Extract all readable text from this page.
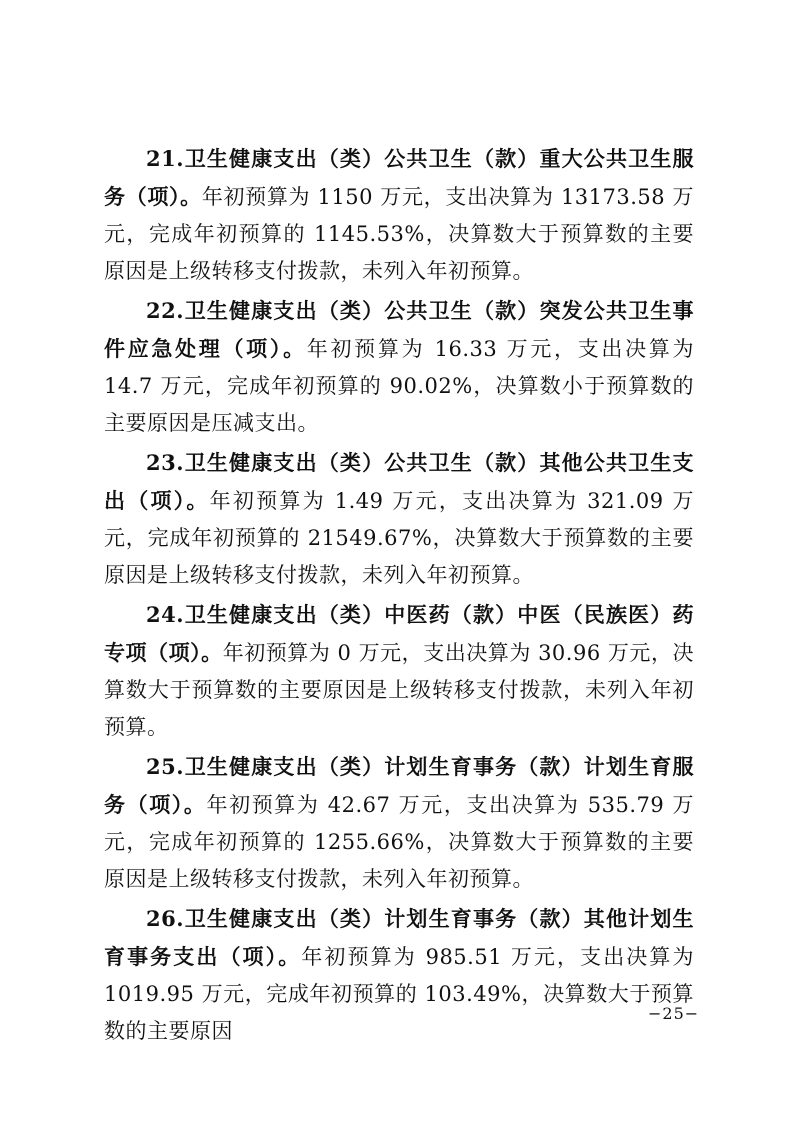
21.卫生健康支出（类）公共卫生（款）重大公共卫生服务（项）。年初预算为 1150 万元，支出决算为 13173.58 万元，完成年初预算的 1145.53%，决算数大于预算数的主要原因是上级转移支付拨款，未列入年初预算。

22.卫生健康支出（类）公共卫生（款）突发公共卫生事件应急处理（项）。年初预算为 16.33 万元，支出决算为 14.7 万元，完成年初预算的 90.02%，决算数小于预算数的主要原因是压减支出。

23.卫生健康支出（类）公共卫生（款）其他公共卫生支出（项）。年初预算为 1.49 万元，支出决算为 321.09 万元，完成年初预算的 21549.67%，决算数大于预算数的主要原因是上级转移支付拨款，未列入年初预算。

24.卫生健康支出（类）中医药（款）中医（民族医）药专项（项）。年初预算为 0 万元，支出决算为 30.96 万元，决算数大于预算数的主要原因是上级转移支付拨款，未列入年初预算。

25.卫生健康支出（类）计划生育事务（款）计划生育服务（项）。年初预算为 42.67 万元，支出决算为 535.79 万元，完成年初预算的 1255.66%，决算数大于预算数的主要原因是上级转移支付拨款，未列入年初预算。

26.卫生健康支出（类）计划生育事务（款）其他计划生育事务支出（项）。年初预算为 985.51 万元，支出决算为 1019.95 万元，完成年初预算的 103.49%，决算数大于预算数的主要原因

−25−
